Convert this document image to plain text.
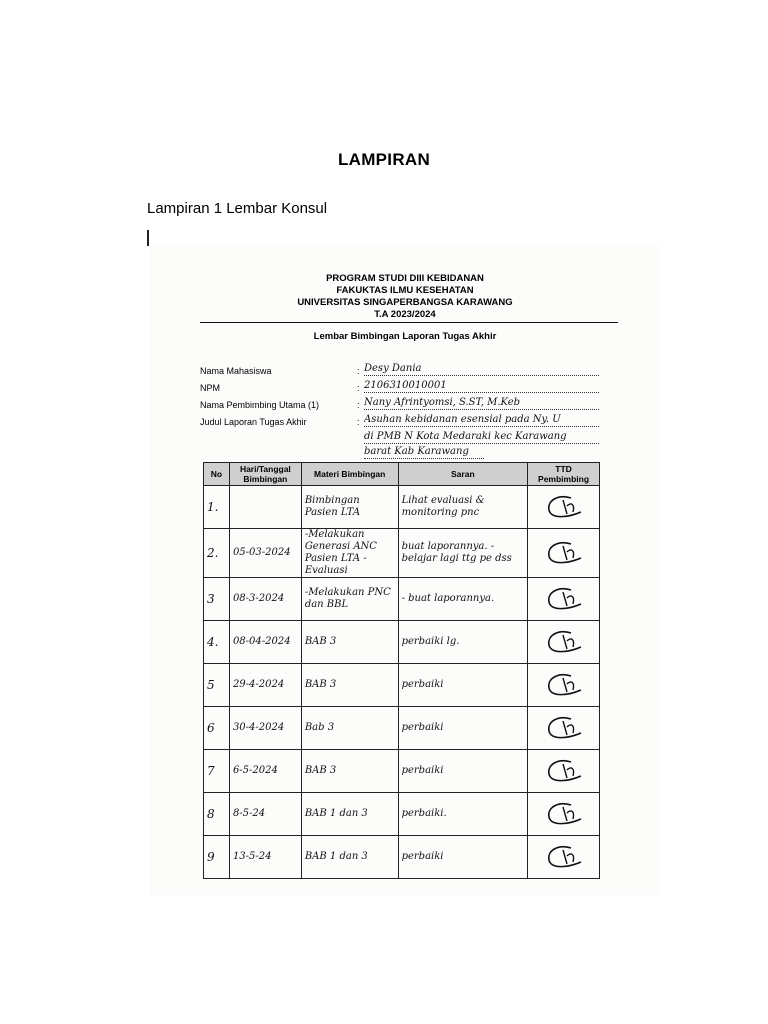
LAMPIRAN
Lampiran 1 Lembar Konsul
PROGRAM STUDI DIII KEBIDANAN
FAKUKTAS ILMU KESEHATAN
UNIVERSITAS SINGAPERBANGSA KARAWANG
T.A 2023/2024
Lembar Bimbingan Laporan Tugas Akhir
Nama Mahasiswa	: Desy Dania
NPM	: 2106310010001
Nama Pembimbing Utama (1)	: Nany Afrintyomsi, S.ST, M.Keb
Judul Laporan Tugas Akhir	: Asuhan kebidanan esensial pada Ny. U
di PMB N Kota Medaraki kec Karawang
barat Kab Karawang
No	Hari/Tanggal Bimbingan	Materi Bimbingan	Saran	TTD Pembimbing
1.		Bimbingan Pasien LTA	Lihat evaluasi & monitoring pnc	
2.	05-03-2024	-Melakukan Generasi ANC Pasien LTA -Evaluasi	buat laporannya. -belajar lagi ttg pe dss	
3	08-3-2024	-Melakukan PNC dan BBL	- buat laporannya.	
4.	08-04-2024	BAB 3	perbaiki lg.	
5	29-4-2024	BAB 3	perbaiki	
6	30-4-2024	Bab 3	perbaiki	
7	6-5-2024	BAB 3	perbaiki	
8	8-5-24	BAB 1 dan 3	perbaiki.	
9	13-5-24	BAB 1 dan 3	perbaiki	
